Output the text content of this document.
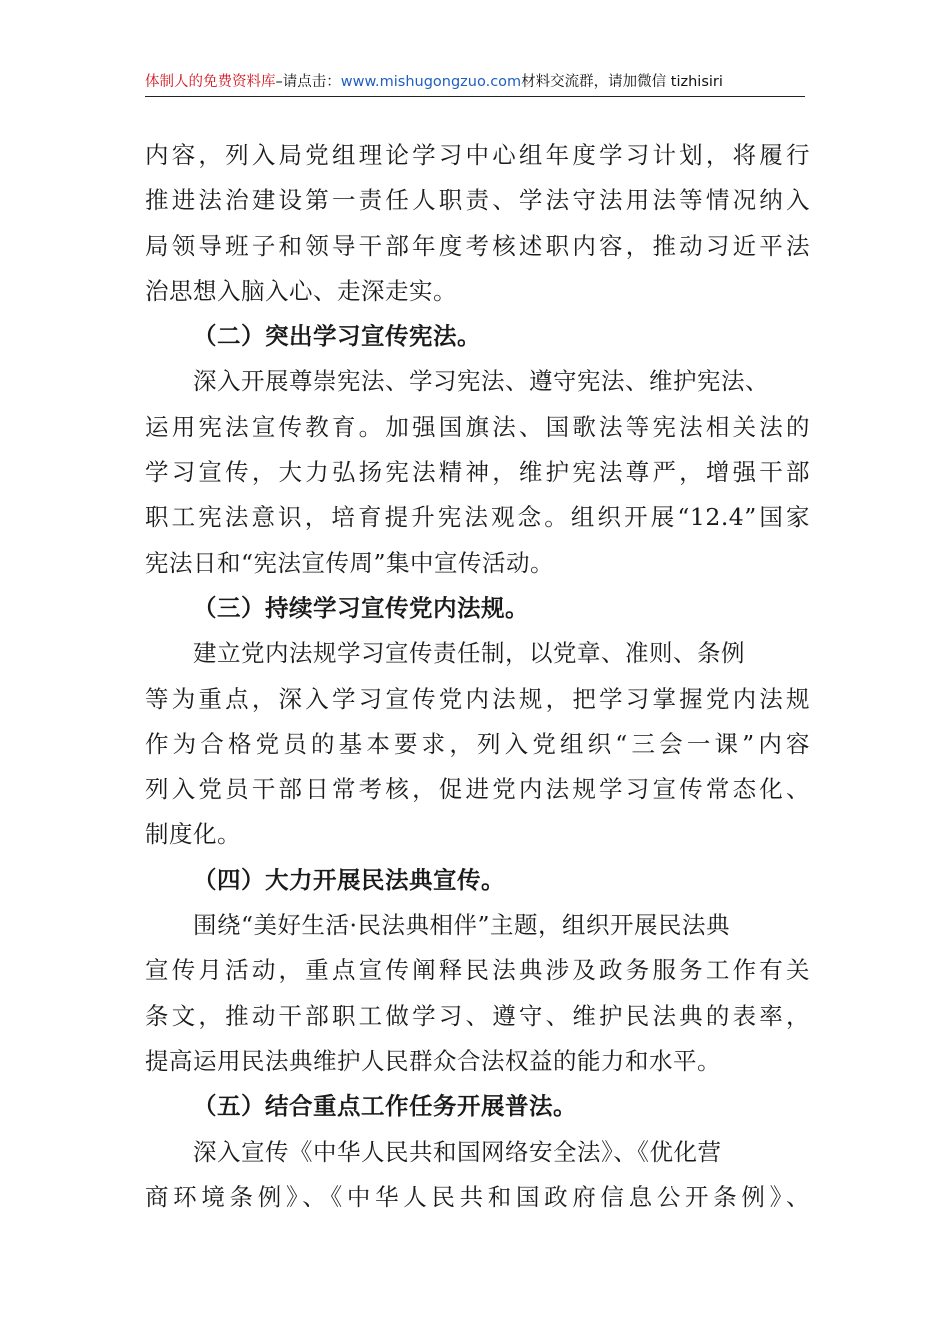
体制人的免费资料库–请点击：www.mishugongzuo.com材料交流群，请加微信 tizhisiri
内容，列入局党组理论学习中心组年度学习计划，将履行
推进法治建设第一责任人职责、学法守法用法等情况纳入
局领导班子和领导干部年度考核述职内容，推动习近平法
治思想入脑入心、走深走实。
（二）突出学习宣传宪法。
深入开展尊崇宪法、学习宪法、遵守宪法、维护宪法、
运用宪法宣传教育。加强国旗法、国歌法等宪法相关法的
学习宣传，大力弘扬宪法精神，维护宪法尊严，增强干部
职工宪法意识，培育提升宪法观念。组织开展“12.4”国家
宪法日和“宪法宣传周”集中宣传活动。
（三）持续学习宣传党内法规。
建立党内法规学习宣传责任制，以党章、准则、条例
等为重点，深入学习宣传党内法规，把学习掌握党内法规
作为合格党员的基本要求，列入党组织“三会一课”内容
列入党员干部日常考核，促进党内法规学习宣传常态化、
制度化。
（四）大力开展民法典宣传。
围绕“美好生活·民法典相伴”主题，组织开展民法典
宣传月活动，重点宣传阐释民法典涉及政务服务工作有关
条文，推动干部职工做学习、遵守、维护民法典的表率，
提高运用民法典维护人民群众合法权益的能力和水平。
（五）结合重点工作任务开展普法。
深入宣传《中华人民共和国网络安全法》、《优化营
商环境条例》、《中华人民共和国政府信息公开条例》、
